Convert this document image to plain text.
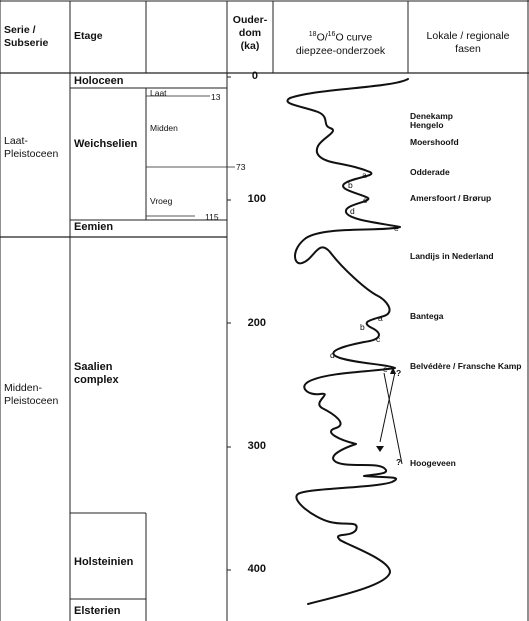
Serie /
Subserie
Etage
Ouder-
dom
(ka)
$^{18}$O/$^{16}$O curve
diepzee-onderzoek
Lokale / regionale
fasen
Laat-
Pleistoceen
Midden-
Pleistoceen
Holoceen
Weichselien
Eemien
Saalien
complex
Holsteinien
Elsterien
Laat
Midden
Vroeg
13
73
115
0
100
200
300
400
a
b
c
d
e
a
b
c
d
e ?
?
Denekamp
Hengelo
Moershoofd
Odderade
Amersfoort / Brørup
Landijs in Nederland
Bantega
Belvédère / Fransche Kamp
Hoogeveen
